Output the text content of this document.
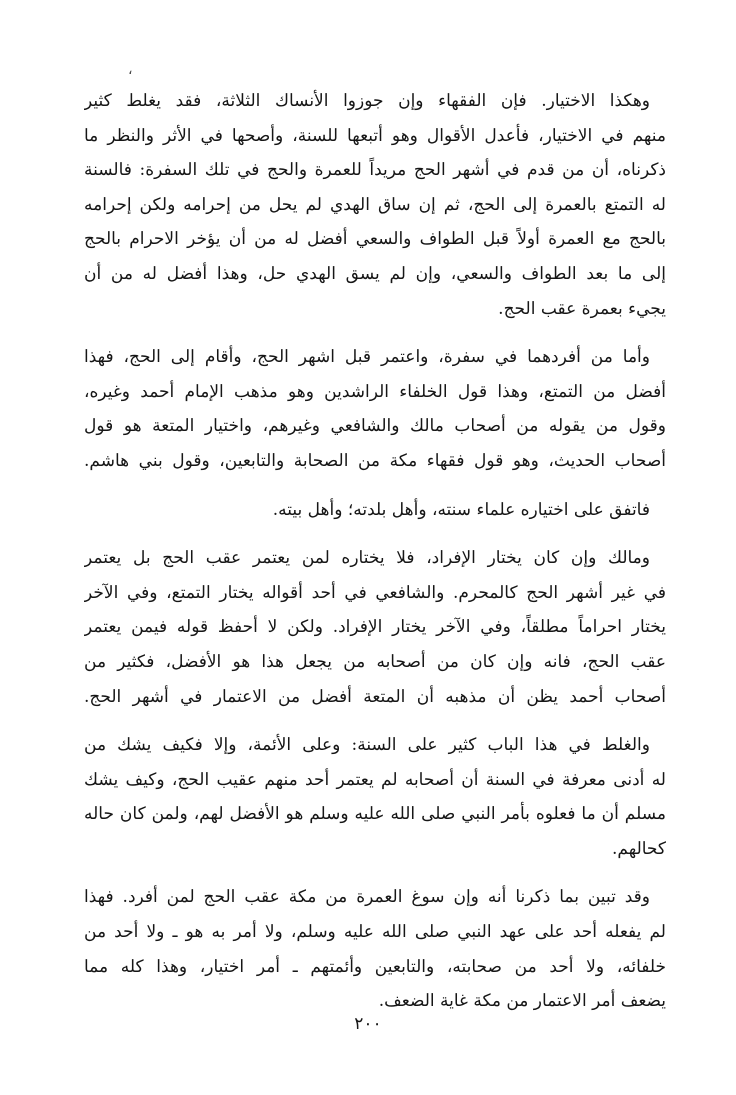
،

وهكذا الاختيار. فإن الفقهاء وإن جوزوا الأنساك الثلاثة، فقد يغلط كثير
منهم في الاختيار، فأعدل الأقوال وهو أتبعها للسنة، وأصحها في الأثر والنظر ما
ذكرناه، أن من قدم في أشهر الحج مريداً للعمرة والحج في تلك السفرة: فالسنة
له التمتع بالعمرة إلى الحج، ثم إن ساق الهدي لم يحل من إحرامه ولكن إحرامه
بالحج مع العمرة أولاً قبل الطواف والسعي أفضل له من أن يؤخر الاحرام بالحج
إلى ما بعد الطواف والسعي، وإن لم يسق الهدي حل، وهذا أفضل له من أن
يجيء بعمرة عقب الحج.

وأما من أفردهما في سفرة، واعتمر قبل اشهر الحج، وأقام إلى الحج، فهذا
أفضل من التمتع، وهذا قول الخلفاء الراشدين وهو مذهب الإمام أحمد وغيره،
وقول من يقوله من أصحاب مالك والشافعي وغيرهم، واختيار المتعة هو قول
أصحاب الحديث، وهو قول فقهاء مكة من الصحابة والتابعين، وقول بني هاشم.

فاتفق على اختياره علماء سنته، وأهل بلدته؛ وأهل بيته.

ومالك وإن كان يختار الإفراد، فلا يختاره لمن يعتمر عقب الحج بل يعتمر
في غير أشهر الحج كالمحرم. والشافعي في أحد أقواله يختار التمتع، وفي الآخر
يختار احراماً مطلقاً، وفي الآخر يختار الإفراد. ولكن لا أحفظ قوله فيمن يعتمر
عقب الحج، فانه وإن كان من أصحابه من يجعل هذا هو الأفضل، فكثير من
أصحاب أحمد يظن أن مذهبه أن المتعة أفضل من الاعتمار في أشهر الحج.

والغلط في هذا الباب كثير على السنة: وعلى الأئمة، وإلا فكيف يشك من
له أدنى معرفة في السنة أن أصحابه لم يعتمر أحد منهم عقيب الحج، وكيف يشك
مسلم أن ما فعلوه بأمر النبي صلى الله عليه وسلم هو الأفضل لهم، ولمن كان حاله
كحالهم.

وقد تبين بما ذكرنا أنه وإن سوغ العمرة من مكة عقب الحج لمن أفرد. فهذا
لم يفعله أحد على عهد النبي صلى الله عليه وسلم، ولا أمر به هو ـ ولا أحد من
خلفائه، ولا أحد من صحابته، والتابعين وأئمتهم ـ أمر اختيار، وهذا كله مما
يضعف أمر الاعتمار من مكة غاية الضعف.

٢٠٠
